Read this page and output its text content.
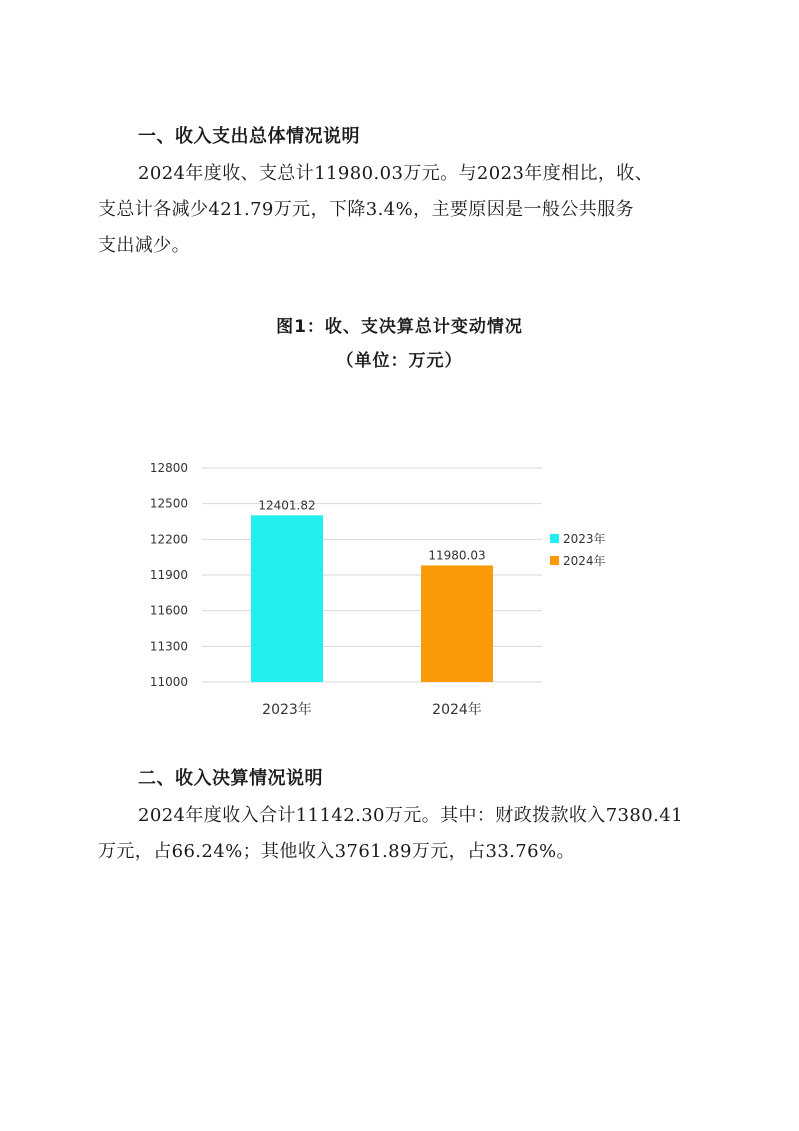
一、收入支出总体情况说明

2024年度收、支总计11980.03万元。与2023年度相比，收、
支总计各减少421.79万元，下降3.4%，主要原因是一般公共服务
支出减少。

图1：收、支决算总计变动情况
（单位：万元）
11000
11300
11600
11900
12200
12500
12800
12401.82
2023年
11980.03
2024年
2023年
2024年
二、收入决算情况说明

2024年度收入合计11142.30万元。其中：财政拨款收入7380.41
万元，占66.24%；其他收入3761.89万元，占33.76%。
